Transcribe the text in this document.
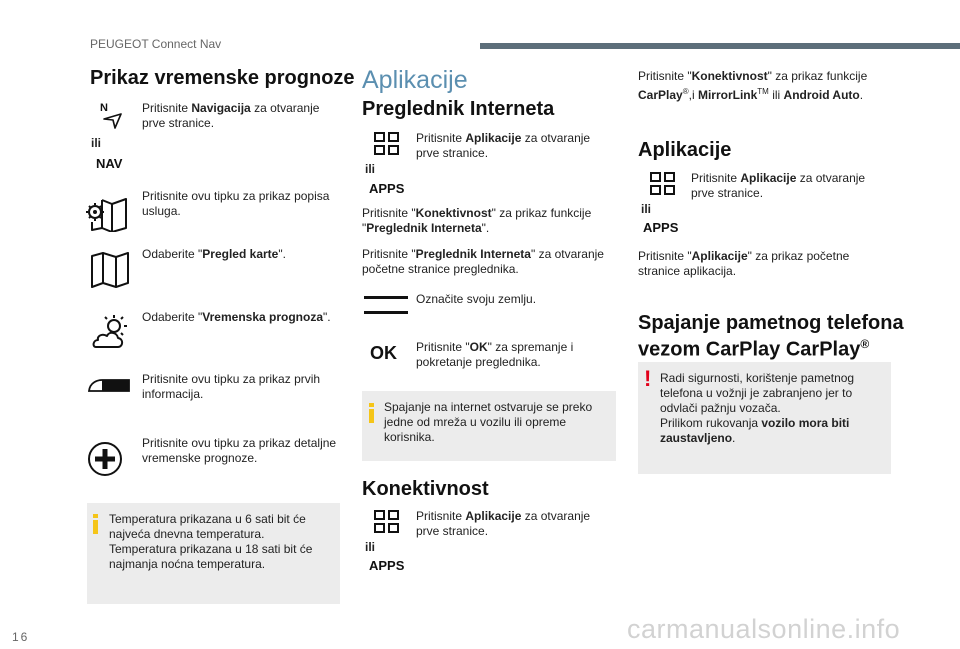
PEUGEOT Connect Nav
Prikaz vremenske prognoze
N
ili
NAV
Pritisnite Navigacija za otvaranje prve stranice.
Pritisnite ovu tipku za prikaz popisa usluga.
Odaberite "Pregled karte".
Odaberite "Vremenska prognoza".
Pritisnite ovu tipku za prikaz prvih informacija.
Pritisnite ovu tipku za prikaz detaljne vremenske prognoze.
Temperatura prikazana u 6 sati bit će najveća dnevna temperatura.
Temperatura prikazana u 18 sati bit će najmanja noćna temperatura.
Aplikacije
Preglednik Interneta
ili
APPS
Pritisnite Aplikacije za otvaranje prve stranice.
Pritisnite "Konektivnost" za prikaz funkcije "Preglednik Interneta".
Pritisnite "Preglednik Interneta" za otvaranje početne stranice preglednika.
Označite svoju zemlju.
OK Pritisnite "OK" za spremanje i pokretanje preglednika.
Spajanje na internet ostvaruje se preko jedne od mreža u vozilu ili opreme korisnika.
Konektivnost
ili
APPS
Pritisnite Aplikacije za otvaranje prve stranice.
Pritisnite "Konektivnost" za prikaz funkcije CarPlay®,i MirrorLink™ ili Android Auto.
Aplikacije
ili
APPS
Pritisnite Aplikacije za otvaranje prve stranice.
Pritisnite "Aplikacije" za prikaz početne stranice aplikacija.
Spajanje pametnog telefona
vezom CarPlay CarPlay®
! Radi sigurnosti, korištenje pametnog telefona u vožnji je zabranjeno jer to odvlači pažnju vozača.
Prilikom rukovanja vozilo mora biti zaustavljeno.
16	carmanualsonline.info
